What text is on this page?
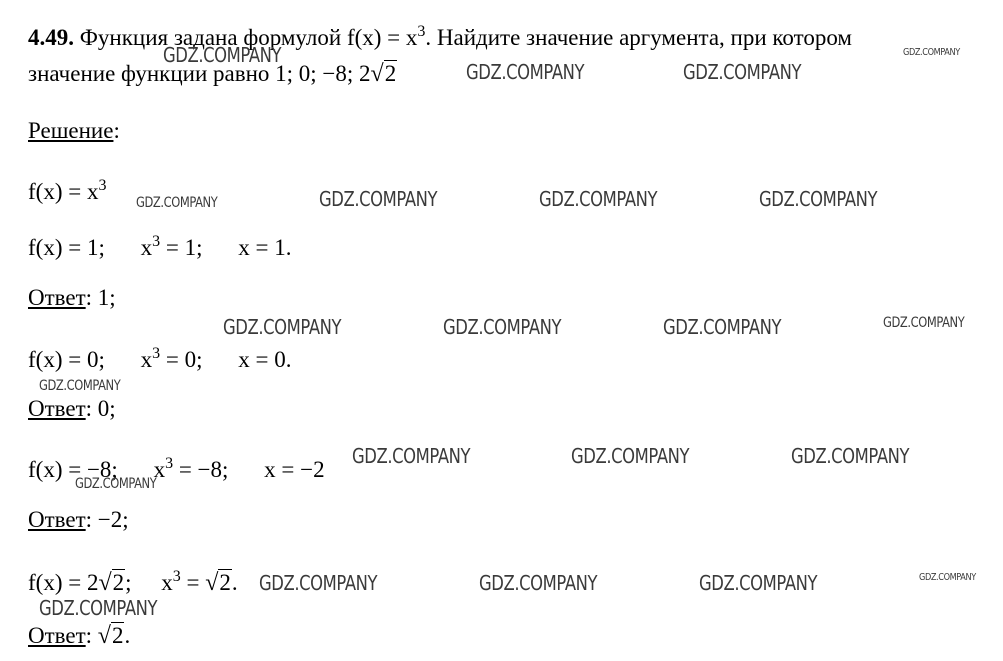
4.49. Функция задана формулой $f(x) = x^3$. Найдите значение аргумента, при котором
значение функции равно 1; 0; −8; 2√2
Решение:
$f(x) = x^3$
f(x) = 1; $x^3 = 1$; x = 1.
Ответ: 1;
f(x) = 0; $x^3 = 0$; x = 0.
Ответ: 0;
f(x) = −8; $x^3 = -8$; x = −2
Ответ: −2;
f(x) = 2√2; $x^3 = √2$.
Ответ: √2.
GDZ.COMPANY	GDZ.COMPANY
GDZ.COMPANY	GDZ.COMPANY
GDZ.COMPANY	GDZ.COMPANY	GDZ.COMPANY	GDZ.COMPANY
GDZ.COMPANY	GDZ.COMPANY	GDZ.COMPANY	GDZ.COMPANY
GDZ.COMPANY
GDZ.COMPANY	GDZ.COMPANY	GDZ.COMPANY
GDZ.COMPANY
GDZ.COMPANY	GDZ.COMPANY	GDZ.COMPANY	GDZ.COMPANY
GDZ.COMPANY
